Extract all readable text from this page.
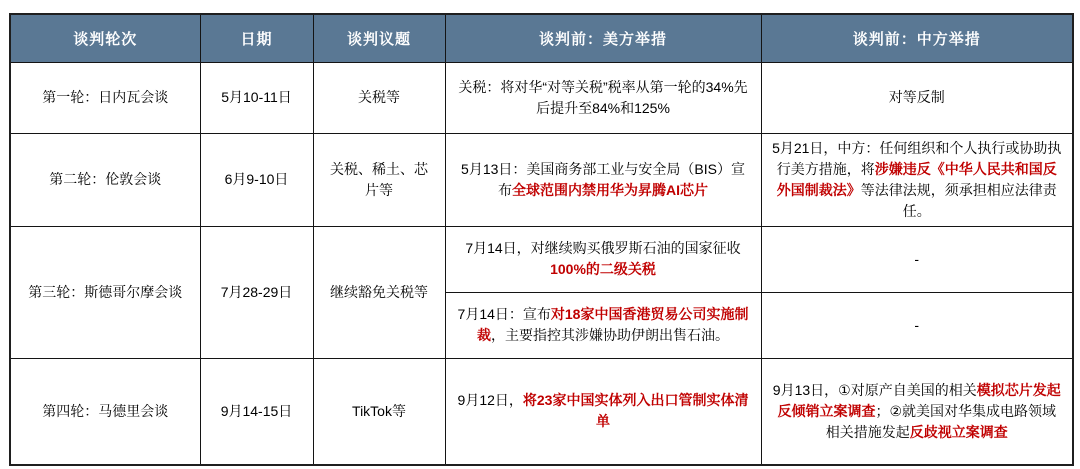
谈判轮次	日期	谈判议题	谈判前：美方举措	谈判前：中方举措
第一轮：日内瓦会谈	5月10-11日	关税等	关税：将对华“对等关税”税率从第一轮的34%先后提升至84%和125%	对等反制
第二轮：伦敦会谈	6月9-10日	关税、稀土、芯片等	5月13日：美国商务部工业与安全局（BIS）宣布全球范围内禁用华为昇腾AI芯片	5月21日，中方：任何组织和个人执行或协助执行美方措施，将涉嫌违反《中华人民共和国反外国制裁法》等法律法规，须承担相应法律责任。
第三轮：斯德哥尔摩会谈	7月28-29日	继续豁免关税等	7月14日，对继续购买俄罗斯石油的国家征收100%的二级关税	-
			7月14日：宣布对18家中国香港贸易公司实施制裁，主要指控其涉嫌协助伊朗出售石油。	-
第四轮：马德里会谈	9月14-15日	TikTok等	9月12日，将23家中国实体列入出口管制实体清单	9月13日，①对原产自美国的相关模拟芯片发起反倾销立案调查；②就美国对华集成电路领域相关措施发起反歧视立案调查
